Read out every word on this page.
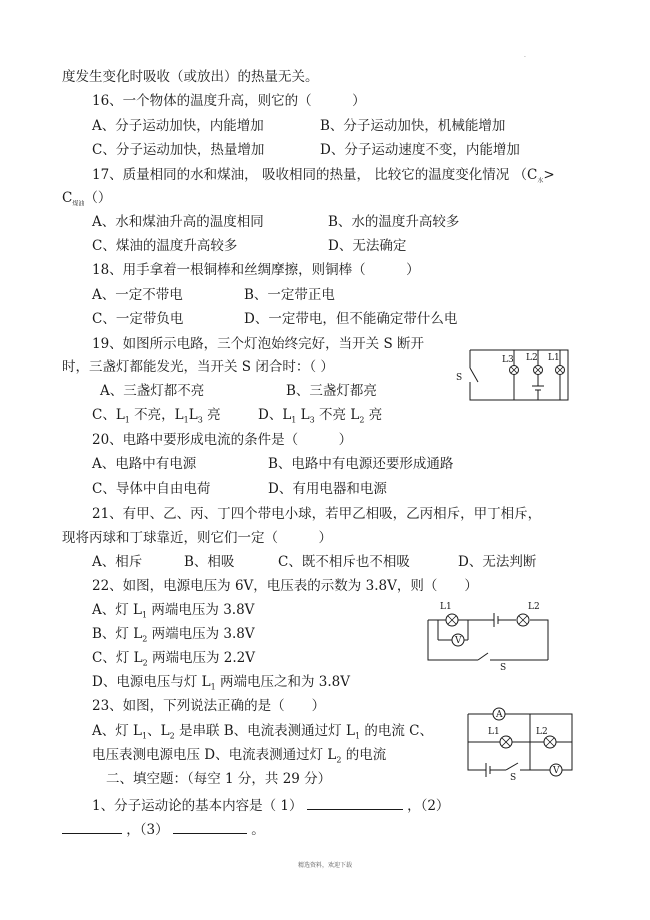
.
度发生变化时吸收（或放出）的热量无关。
16、一个物体的温度升高，则它的（　　　）
A、分子运动加快，内能增加	B、分子运动加快，机械能增加
C、分子运动加快，热量增加	D、分子运动速度不变，内能增加
17、质量相同的水和煤油， 吸收相同的热量， 比较它的温度变化情况 （$C_水>$
$C_{煤油}()$
A、水和煤油升高的温度相同	B、水的温度升高较多
C、煤油的温度升高较多	D、无法确定
18、用手拿着一根铜棒和丝绸摩擦，则铜棒（　　　）
A、一定不带电	B、一定带正电
C、一定带负电	D、一定带电，但不能确定带什么电
19、如图所示电路，三个灯泡始终完好，当开关 S 断开
时，三盏灯都能发光，当开关 S 闭合时：（ ）
A、三盏灯都不亮	B、三盏灯都亮
C、$L_1$ 不亮，$L_1L_3$ 亮	D、$L_1$ $L_3$ 不亮 $L_2$ 亮
L3 L2 L1
S
20、电路中要形成电流的条件是（　　　）
A、电路中有电源	B、电路中有电源还要形成通路
C、导体中自由电荷	D、有用电器和电源
21、有甲、乙、丙、丁四个带电小球，若甲乙相吸，乙丙相斥，甲丁相斥，
现将丙球和丁球靠近，则它们一定（　　　）
A、相斥	B、相吸	C、既不相斥也不相吸	D、无法判断
22、如图，电源电压为 6V，电压表的示数为 3.8V，则（　　）
A、灯 $L_1$ 两端电压为 3.8V
B、灯 $L_2$ 两端电压为 3.8V
C、灯 $L_2$ 两端电压为 2.2V
D、电源电压与灯 $L_1$ 两端电压之和为 3.8V
V
L1	L2
S
23、如图，下列说法正确的是（　　）
A、灯 $L_1$、$L_2$ 是串联 B、电流表测通过灯 $L_1$ 的电流 C、
电压表测电源电压 D、电流表测通过灯 $L_2$ 的电流
A
V
L1	L2
S
二、填空题：（每空 1 分，共 29 分）
1、分子运动论的基本内容是（ 1）	，（2）
，（3）	。
精选资料，欢迎下载
